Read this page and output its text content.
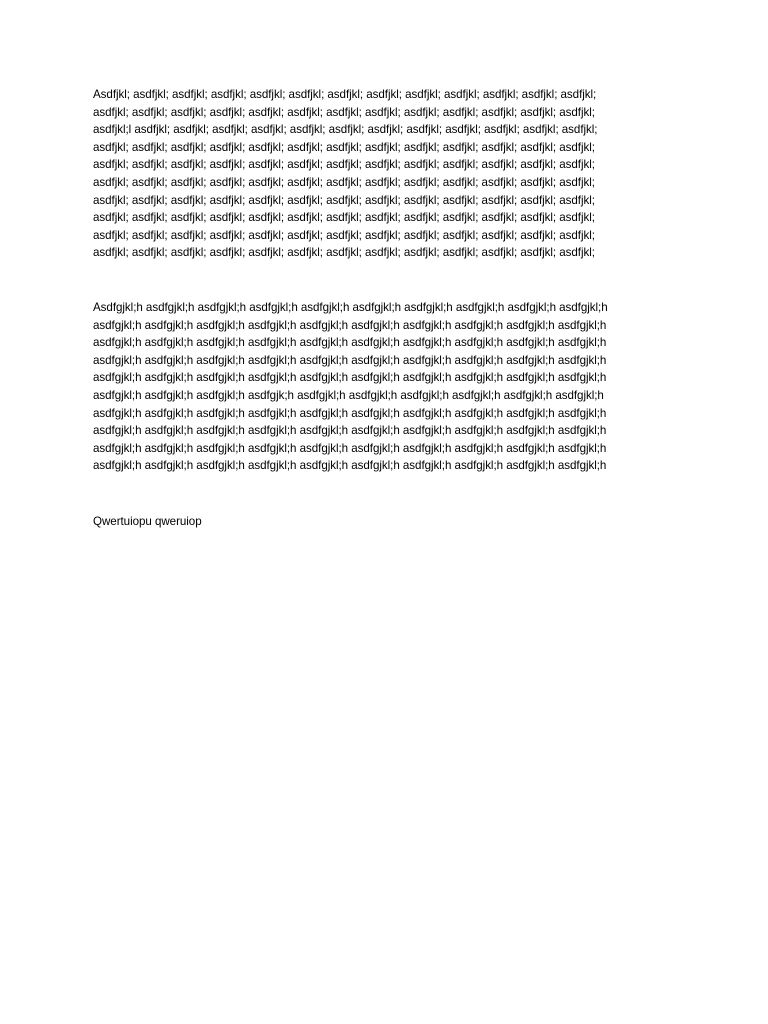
Asdfjkl; asdfjkl; asdfjkl; asdfjkl; asdfjkl; asdfjkl; asdfjkl; asdfjkl; asdfjkl; asdfjkl; asdfjkl; asdfjkl; asdfjkl;
asdfjkl; asdfjkl; asdfjkl; asdfjkl; asdfjkl; asdfjkl; asdfjkl; asdfjkl; asdfjkl; asdfjkl; asdfjkl; asdfjkl; asdfjkl;
asdfjkl;l asdfjkl; asdfjkl; asdfjkl; asdfjkl; asdfjkl; asdfjkl; asdfjkl; asdfjkl; asdfjkl; asdfjkl; asdfjkl; asdfjkl;
asdfjkl; asdfjkl; asdfjkl; asdfjkl; asdfjkl; asdfjkl; asdfjkl; asdfjkl; asdfjkl; asdfjkl; asdfjkl; asdfjkl; asdfjkl;
asdfjkl; asdfjkl; asdfjkl; asdfjkl; asdfjkl; asdfjkl; asdfjkl; asdfjkl; asdfjkl; asdfjkl; asdfjkl; asdfjkl; asdfjkl;
asdfjkl; asdfjkl; asdfjkl; asdfjkl; asdfjkl; asdfjkl; asdfjkl; asdfjkl; asdfjkl; asdfjkl; asdfjkl; asdfjkl; asdfjkl;
asdfjkl; asdfjkl; asdfjkl; asdfjkl; asdfjkl; asdfjkl; asdfjkl; asdfjkl; asdfjkl; asdfjkl; asdfjkl; asdfjkl; asdfjkl;
asdfjkl; asdfjkl; asdfjkl; asdfjkl; asdfjkl; asdfjkl; asdfjkl; asdfjkl; asdfjkl; asdfjkl; asdfjkl; asdfjkl; asdfjkl;
asdfjkl; asdfjkl; asdfjkl; asdfjkl; asdfjkl; asdfjkl; asdfjkl; asdfjkl; asdfjkl; asdfjkl; asdfjkl; asdfjkl; asdfjkl;
asdfjkl; asdfjkl; asdfjkl; asdfjkl; asdfjkl; asdfjkl; asdfjkl; asdfjkl; asdfjkl; asdfjkl; asdfjkl; asdfjkl; asdfjkl;
Asdfgjkl;h asdfgjkl;h asdfgjkl;h asdfgjkl;h asdfgjkl;h asdfgjkl;h asdfgjkl;h asdfgjkl;h asdfgjkl;h asdfgjkl;h
asdfgjkl;h asdfgjkl;h asdfgjkl;h asdfgjkl;h asdfgjkl;h asdfgjkl;h asdfgjkl;h asdfgjkl;h asdfgjkl;h asdfgjkl;h
asdfgjkl;h asdfgjkl;h asdfgjkl;h asdfgjkl;h asdfgjkl;h asdfgjkl;h asdfgjkl;h asdfgjkl;h asdfgjkl;h asdfgjkl;h
asdfgjkl;h asdfgjkl;h asdfgjkl;h asdfgjkl;h asdfgjkl;h asdfgjkl;h asdfgjkl;h asdfgjkl;h asdfgjkl;h asdfgjkl;h
asdfgjkl;h asdfgjkl;h asdfgjkl;h asdfgjkl;h asdfgjkl;h asdfgjkl;h asdfgjkl;h asdfgjkl;h asdfgjkl;h asdfgjkl;h
asdfgjkl;h asdfgjkl;h asdfgjkl;h asdfgjk;h asdfgjkl;h asdfgjkl;h asdfgjkl;h asdfgjkl;h asdfgjkl;h asdfgjkl;h
asdfgjkl;h asdfgjkl;h asdfgjkl;h asdfgjkl;h asdfgjkl;h asdfgjkl;h asdfgjkl;h asdfgjkl;h asdfgjkl;h asdfgjkl;h
asdfgjkl;h asdfgjkl;h asdfgjkl;h asdfgjkl;h asdfgjkl;h asdfgjkl;h asdfgjkl;h asdfgjkl;h asdfgjkl;h asdfgjkl;h
asdfgjkl;h asdfgjkl;h asdfgjkl;h asdfgjkl;h asdfgjkl;h asdfgjkl;h asdfgjkl;h asdfgjkl;h asdfgjkl;h asdfgjkl;h
asdfgjkl;h asdfgjkl;h asdfgjkl;h asdfgjkl;h asdfgjkl;h asdfgjkl;h asdfgjkl;h asdfgjkl;h asdfgjkl;h asdfgjkl;h
Qwertuiopu qweruiop
